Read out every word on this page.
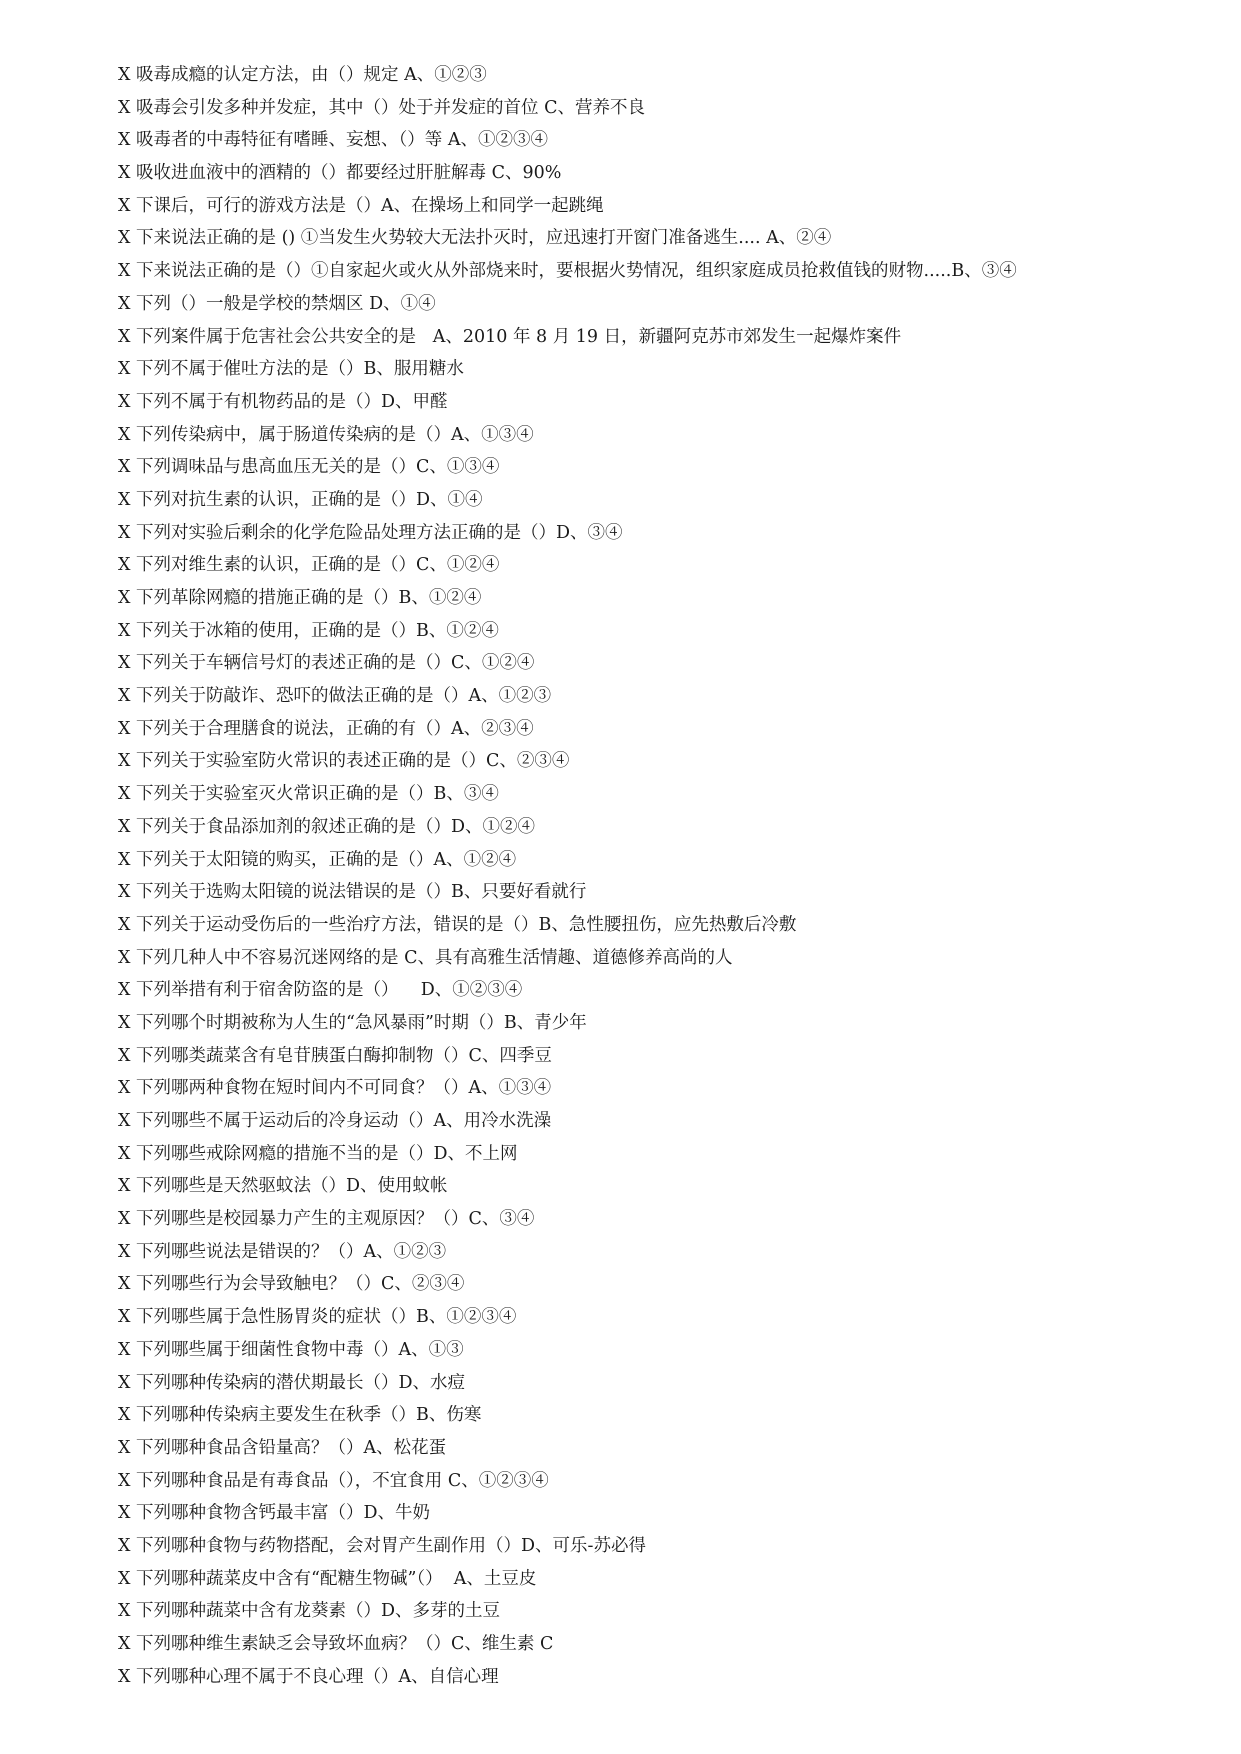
X 吸毒成瘾的认定方法，由（）规定 A、①②③
X 吸毒会引发多种并发症，其中（）处于并发症的首位 C、营养不良
X 吸毒者的中毒特征有嗜睡、妄想、（）等 A、①②③④
X 吸收进血液中的酒精的（）都要经过肝脏解毒 C、90%
X 下课后，可行的游戏方法是（）A、在操场上和同学一起跳绳
X 下来说法正确的是 () ①当发生火势较大无法扑灭时，应迅速打开窗门准备逃生.... A、②④
X 下来说法正确的是（）①自家起火或火从外部烧来时，要根据火势情况，组织家庭成员抢救值钱的财物.....B、③④
X 下列（）一般是学校的禁烟区 D、①④
X 下列案件属于危害社会公共安全的是   A、2010 年 8 月 19 日，新疆阿克苏市郊发生一起爆炸案件
X 下列不属于催吐方法的是（）B、服用糖水
X 下列不属于有机物药品的是（）D、甲醛
X 下列传染病中，属于肠道传染病的是（）A、①③④
X 下列调味品与患高血压无关的是（）C、①③④
X 下列对抗生素的认识，正确的是（）D、①④
X 下列对实验后剩余的化学危险品处理方法正确的是（）D、③④
X 下列对维生素的认识，正确的是（）C、①②④
X 下列革除网瘾的措施正确的是（）B、①②④
X 下列关于冰箱的使用，正确的是（）B、①②④
X 下列关于车辆信号灯的表述正确的是（）C、①②④
X 下列关于防敲诈、恐吓的做法正确的是（）A、①②③
X 下列关于合理膳食的说法，正确的有（）A、②③④
X 下列关于实验室防火常识的表述正确的是（）C、②③④
X 下列关于实验室灭火常识正确的是（）B、③④
X 下列关于食品添加剂的叙述正确的是（）D、①②④
X 下列关于太阳镜的购买，正确的是（）A、①②④
X 下列关于选购太阳镜的说法错误的是（）B、只要好看就行
X 下列关于运动受伤后的一些治疗方法，错误的是（）B、急性腰扭伤，应先热敷后冷敷
X 下列几种人中不容易沉迷网络的是 C、具有高雅生活情趣、道德修养高尚的人
X 下列举措有利于宿舍防盗的是（）    D、①②③④
X 下列哪个时期被称为人生的“急风暴雨”时期（）B、青少年
X 下列哪类蔬菜含有皂苷胰蛋白酶抑制物（）C、四季豆
X 下列哪两种食物在短时间内不可同食？（）A、①③④
X 下列哪些不属于运动后的冷身运动（）A、用冷水洗澡
X 下列哪些戒除网瘾的措施不当的是（）D、不上网
X 下列哪些是天然驱蚊法（）D、使用蚊帐
X 下列哪些是校园暴力产生的主观原因？（）C、③④
X 下列哪些说法是错误的？（）A、①②③
X 下列哪些行为会导致触电？（）C、②③④
X 下列哪些属于急性肠胃炎的症状（）B、①②③④
X 下列哪些属于细菌性食物中毒（）A、①③
X 下列哪种传染病的潜伏期最长（）D、水痘
X 下列哪种传染病主要发生在秋季（）B、伤寒
X 下列哪种食品含铅量高？（）A、松花蛋
X 下列哪种食品是有毒食品（），不宜食用 C、①②③④
X 下列哪种食物含钙最丰富（）D、牛奶
X 下列哪种食物与药物搭配，会对胃产生副作用（）D、可乐-苏必得
X 下列哪种蔬菜皮中含有“配糖生物碱”（）  A、土豆皮
X 下列哪种蔬菜中含有龙葵素（）D、多芽的土豆
X 下列哪种维生素缺乏会导致坏血病？（）C、维生素 C
X 下列哪种心理不属于不良心理（）A、自信心理
